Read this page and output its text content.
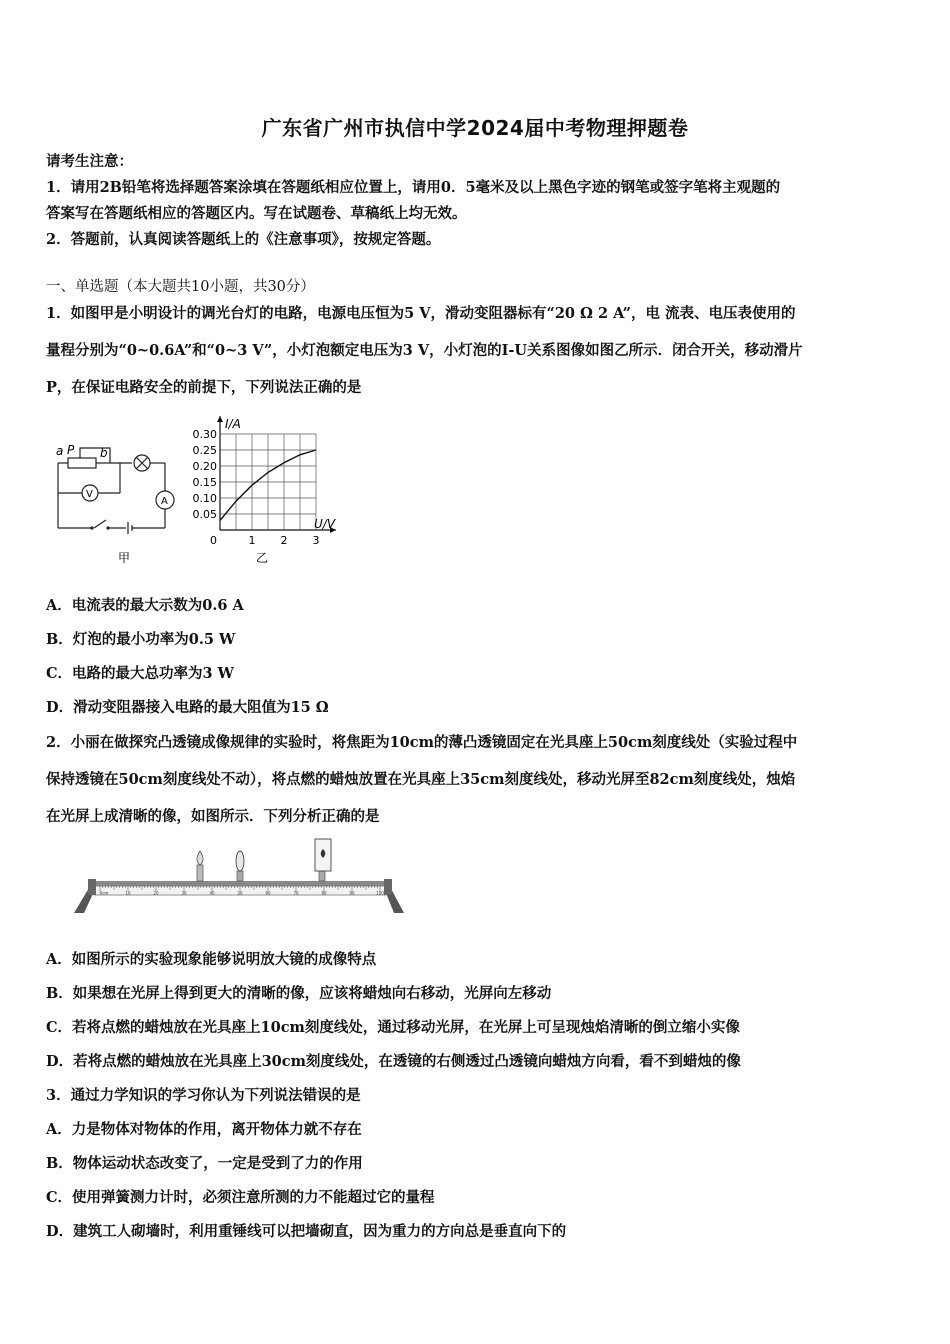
广东省广州市执信中学2024届中考物理押题卷
请考生注意：
1．请用2B铅笔将选择题答案涂填在答题纸相应位置上，请用0．5毫米及以上黑色字迹的钢笔或签字笔将主观题的
答案写在答题纸相应的答题区内。写在试题卷、草稿纸上均无效。
2．答题前，认真阅读答题纸上的《注意事项》，按规定答题。
一、单选题（本大题共10小题，共30分）
1．如图甲是小明设计的调光台灯的电路，电源电压恒为5 V，滑动变阻器标有“20 Ω 2 A”，电 流表、电压表使用的
量程分别为“0~0.6A”和“0~3 V”，小灯泡额定电压为3 V，小灯泡的I-U关系图像如图乙所示．闭合开关，移动滑片
P，在保证电路安全的前提下，下列说法正确的是
a P b
V
A
甲
0.30
0.25
0.20
0.15
0.10
0.05
1 2 3
I/A
U/V
0
乙
A．电流表的最大示数为0.6 A
B．灯泡的最小功率为0.5 W
C．电路的最大总功率为3 W
D．滑动变阻器接入电路的最大阻值为15 Ω
2．小丽在做探究凸透镜成像规律的实验时，将焦距为10cm的薄凸透镜固定在光具座上50cm刻度线处（实验过程中
保持透镜在50cm刻度线处不动），将点燃的蜡烛放置在光具座上35cm刻度线处，移动光屏至82cm刻度线处，烛焰
在光屏上成清晰的像，如图所示．下列分析正确的是
0cm	10	20	30	40	50	60	70	80	90	100
A．如图所示的实验现象能够说明放大镜的成像特点
B．如果想在光屏上得到更大的清晰的像，应该将蜡烛向右移动，光屏向左移动
C．若将点燃的蜡烛放在光具座上10cm刻度线处，通过移动光屏，在光屏上可呈现烛焰清晰的倒立缩小实像
D．若将点燃的蜡烛放在光具座上30cm刻度线处，在透镜的右侧透过凸透镜向蜡烛方向看，看不到蜡烛的像
3．通过力学知识的学习你认为下列说法错误的是
A．力是物体对物体的作用，离开物体力就不存在
B．物体运动状态改变了，一定是受到了力的作用
C．使用弹簧测力计时，必须注意所测的力不能超过它的量程
D．建筑工人砌墙时，利用重锤线可以把墙砌直，因为重力的方向总是垂直向下的
